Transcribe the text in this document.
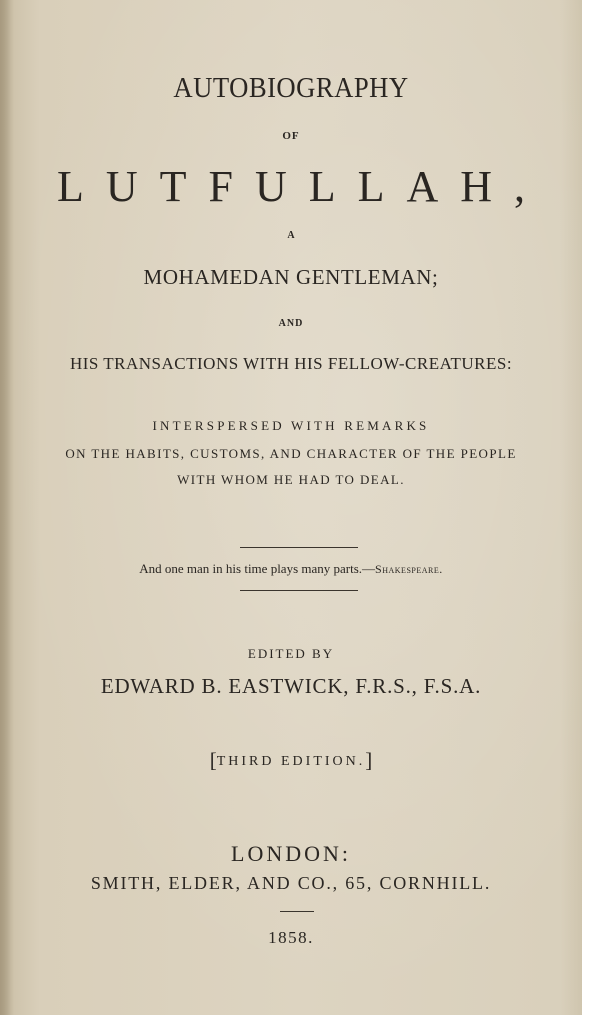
AUTOBIOGRAPHY
OF
LUTFULLAH,
A
MOHAMEDAN GENTLEMAN;
AND
HIS TRANSACTIONS WITH HIS FELLOW-CREATURES:
INTERSPERSED WITH REMARKS
ON THE HABITS, CUSTOMS, AND CHARACTER OF THE PEOPLE
WITH WHOM HE HAD TO DEAL.
And one man in his time plays many parts.—Shakespeare.
EDITED BY
EDWARD B. EASTWICK, F.R.S., F.S.A.
[THIRD EDITION.]
LONDON:
SMITH, ELDER, AND CO., 65, CORNHILL.
1858.
